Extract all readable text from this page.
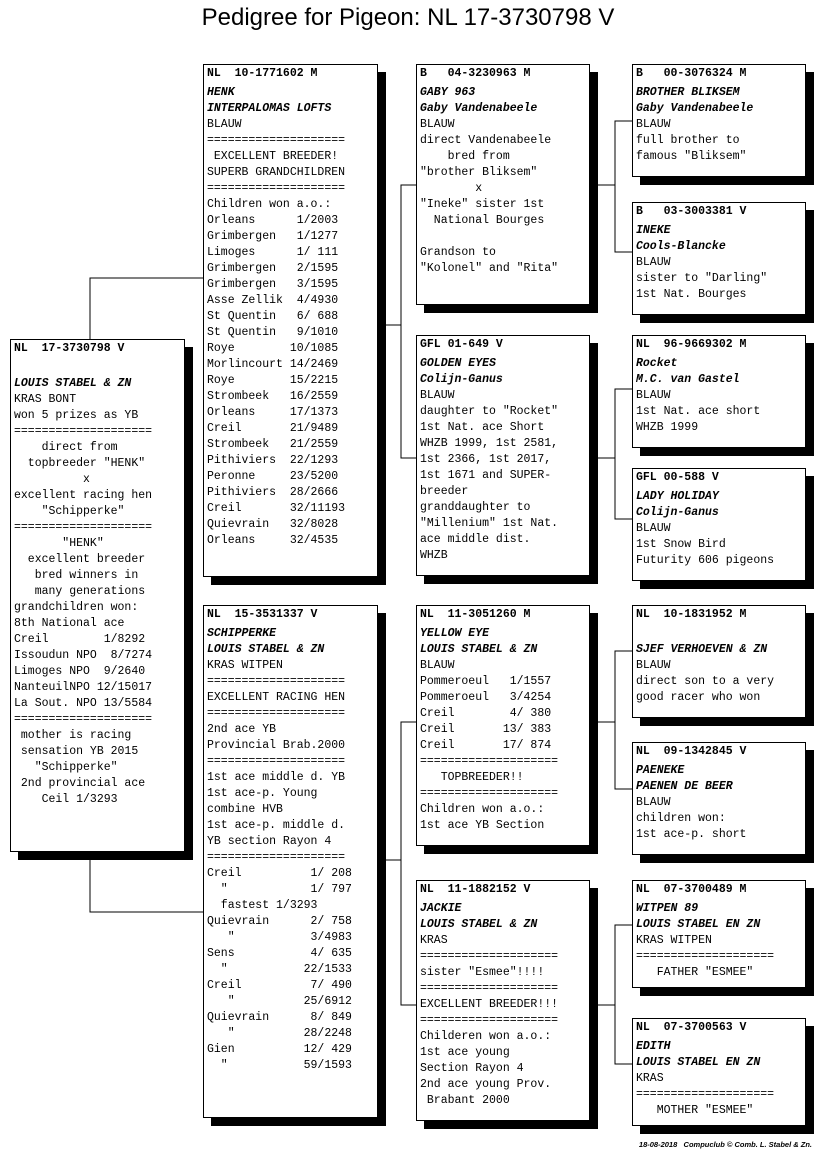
Pedigree for Pigeon: NL 17-3730798 V
NL  17-3730798 V
LOUIS STABEL & ZN
KRAS BONT
won 5 prizes as YB
====================
direct from
topbreeder "HENK"
x
excellent racing hen
"Schipperke"
====================
"HENK"
excellent breeder
bred winners in
many generations
grandchildren won:
8th National ace
Creil        1/8292
Issoudun NPO  8/7274
Limoges NPO  9/2640
NanteuilNPO 12/15017
La Sout. NPO 13/5584
====================
mother is racing
sensation YB 2015
"Schipperke"
2nd provincial ace
Ceil 1/3293
NL  10-1771602 M
HENK
INTERPALOMAS LOFTS
BLAUW
====================
EXCELLENT BREEDER!
SUPERB GRANDCHILDREN
====================
Children won a.o.:
Orleans      1/2003
Grimbergen   1/1277
Limoges      1/ 111
Grimbergen   2/1595
Grimbergen   3/1595
Asse Zellik  4/4930
St Quentin   6/ 688
St Quentin   9/1010
Roye        10/1085
Morlincourt 14/2469
Roye        15/2215
Strombeek   16/2559
Orleans     17/1373
Creil       21/9489
Strombeek   21/2559
Pithiviers  22/1293
Peronne     23/5200
Pithiviers  28/2666
Creil       32/11193
Quievrain   32/8028
Orleans     32/4535
NL  15-3531337 V
SCHIPPERKE
LOUIS STABEL & ZN
KRAS WITPEN
====================
EXCELLENT RACING HEN
====================
2nd ace YB
Provincial Brab.2000
====================
1st ace middle d. YB
1st ace-p. Young
combine HVB
1st ace-p. middle d.
YB section Rayon 4
====================
Creil          1/ 208
"            1/ 797
fastest 1/3293
Quievrain      2/ 758
"           3/4983
Sens           4/ 635
"           22/1533
Creil          7/ 490
"          25/6912
Quievrain      8/ 849
"          28/2248
Gien          12/ 429
"           59/1593
B   04-3230963 M
GABY 963
Gaby Vandenabeele
BLAUW
direct Vandenabeele
bred from
"brother Bliksem"
x
"Ineke" sister 1st
National Bourges
Grandson to
"Kolonel" and "Rita"
GFL 01-649 V
GOLDEN EYES
Colijn-Ganus
BLAUW
daughter to "Rocket"
1st Nat. ace Short
WHZB 1999, 1st 2581,
1st 2366, 1st 2017,
1st 1671 and SUPER-
breeder
granddaughter to
"Millenium" 1st Nat.
ace middle dist.
WHZB
NL  11-3051260 M
YELLOW EYE
LOUIS STABEL & ZN
BLAUW
Pommeroeul   1/1557
Pommeroeul   3/4254
Creil        4/ 380
Creil       13/ 383
Creil       17/ 874
====================
TOPBREEDER!!
====================
Children won a.o.:
1st ace YB Section
NL  11-1882152 V
JACKIE
LOUIS STABEL & ZN
KRAS
====================
sister "Esmee"!!!!
====================
EXCELLENT BREEDER!!!
====================
Childeren won a.o.:
1st ace young
Section Rayon 4
2nd ace young Prov.
Brabant 2000
B   00-3076324 M
BROTHER BLIKSEM
Gaby Vandenabeele
BLAUW
full brother to
famous "Bliksem"
B   03-3003381 V
INEKE
Cools-Blancke
BLAUW
sister to "Darling"
1st Nat. Bourges
NL  96-9669302 M
Rocket
M.C. van Gastel
BLAUW
1st Nat. ace short
WHZB 1999
GFL 00-588 V
LADY HOLIDAY
Colijn-Ganus
BLAUW
1st Snow Bird
Futurity 606 pigeons
NL  10-1831952 M
SJEF VERHOEVEN & ZN
BLAUW
direct son to a very
good racer who won
NL  09-1342845 V
PAENEKE
PAENEN DE BEER
BLAUW
children won:
1st ace-p. short
NL  07-3700489 M
WITPEN 89
LOUIS STABEL EN ZN
KRAS WITPEN
====================
FATHER "ESMEE"
NL  07-3700563 V
EDITH
LOUIS STABEL EN ZN
KRAS
====================
MOTHER "ESMEE"
18-08-2018 Compuclub © Comb. L. Stabel & Zn.
